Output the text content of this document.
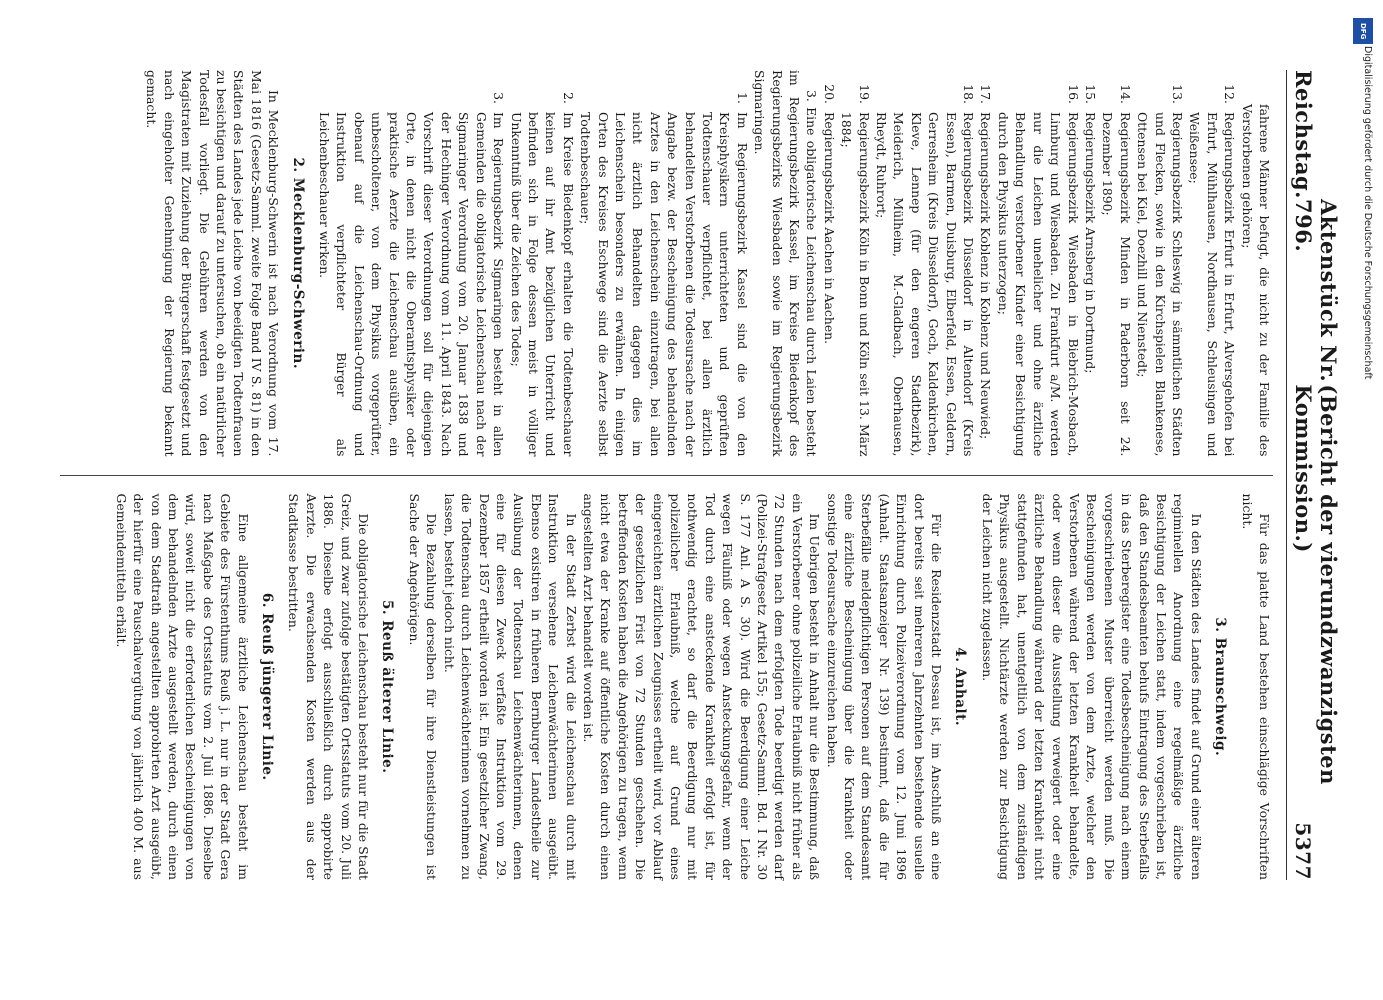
Reichstag.
Aktenstück Nr. 796.
(Bericht der vierundzwanzigsten Kommission.)
5377

fahrene Männer befugt, die nicht zu der Familie des Verstorbenen gehören;

12.
Regierungsbezirk Erfurt in Erfurt, Alversgehofen bei Erfurt, Mühlhausen, Nordhausen, Schleusingen und Weißensee;
13.
Regierungsbezirk Schleswig in sämmtlichen Städten und Flecken, sowie in den Kirchspielen Blankenese, Ottensen bei Kiel, Doezhill und Nienstedt;
14.
Regierungsbezirk Minden in Paderborn seit 24. Dezember 1890;
15.
Regierungsbezirk Arnsberg in Dortmund;
16.
Regierungsbezirk Wiesbaden in Biebrich-Mosbach, Limburg und Wiesbaden. Zu Frankfurt a/M. werden nur die Leichen unehelicher und ohne ärztliche Behandlung verstorbener Kinder einer Besichtigung durch den Physikus unterzogen;
17.
Regierungsbezirk Koblenz in Koblenz und Neuwied;
18.
Regierungsbezirk Düsseldorf in Altendorf (Kreis Essen), Barmen, Duisburg, Elberfeld, Essen, Geldern, Gerresheim (Kreis Düsseldorf), Goch, Kaldenkirchen, Kleve, Lennep (für den engeren Stadtbezirk), Meiderich, Mülheim, M.-Gladbach, Oberhausen, Rheydt, Ruhrort;
19.
Regierungsbezirk Köln in Bonn und Köln seit 13. März 1884;
20.
Regierungsbezirk Aachen in Aachen.

3. Eine obligatorische Leichenschau durch Laien besteht im Regierungsbezirk Kassel, im Kreise Biedenkopf des Regierungsbezirks Wiesbaden sowie im Regierungsbezirk Sigmaringen.

1.
Im Regierungsbezirk Kassel sind die von den Kreisphysikern unterrichteten und geprüften Todtenschauer verpflichtet, bei allen ärztlich behandelten Verstorbenen die Todesursache nach der Angabe bezw. der Bescheinigung des behandelnden Arztes in den Leichenschein einzutragen, bei allen nicht ärztlich Behandelten dagegen dies im Leichenschein besonders zu erwähnen. In einigen Orten des Kreises Eschwege sind die Aerzte selbst Todtenbeschauer;
2.
Im Kreise Biedenkopf erhalten die Todtenbeschauer keinen auf ihr Amt bezüglichen Unterricht und befinden sich in Folge dessen meist in völliger Unkenntniß über die Zeichen des Todes;
3.
Im Regierungsbezirk Sigmaringen besteht in allen Gemeinden die obligatorische Leichenschau nach der Sigmaringer Verordnung vom 20. Januar 1838 und der Hechinger Verordnung vom 11. April 1843. Nach Vorschrift dieser Verordnungen soll für diejenigen Orte, in denen nicht die Oberamtsphysiker oder praktische Aerzte die Leichenschau ausüben, ein unbescholtener, von dem Physikus vorgeprüfter, obenauf auf die Leichenschau-Ordnung und Instruktion verpflichteter Bürger als Leichenbeschauer wirken.
2. Mecklenburg-Schwerin.

In Mecklenburg-Schwerin ist nach Verordnung vom 17. Mai 1816 (Gesetz-Samml. zweite Folge Band IV S. 81) in den Städten des Landes jede Leiche von beeidigten Todtenfrauen zu besichtigen und darauf zu untersuchen, ob ein natürlicher Todesfall vorliegt. Die Gebühren werden von den Magistraten mit Zuziehung der Bürgerschaft festgesetzt und nach eingeholter Genehmigung der Regierung bekannt gemacht.

Für das platte Land bestehen einschlägige Vorschriften nicht.

3. Braunschweig.

In den Städten des Landes findet auf Grund einer älteren regiminellen Anordnung eine regelmäßige ärztliche Besichtigung der Leichen statt, indem vorgeschrieben ist, daß den Standesbeamten behufs Eintragung des Sterbefalls in das Sterberegister eine Todesbescheinigung nach einem vorgeschriebenen Muster überreicht werden muß. Die Bescheinigungen werden von dem Arzte, welcher den Verstorbenen während der letzten Krankheit behandelte, oder wenn dieser die Ausstellung verweigert oder eine ärztliche Behandlung während der letzten Krankheit nicht stattgefunden hat, unentgeltlich von dem zuständigen Physikus ausgestellt. Nichtärzte werden zur Besichtigung der Leichen nicht zugelassen.

4. Anhalt.

Für die Residenzstadt Dessau ist, im Anschluß an eine dort bereits seit mehreren Jahrzehnten bestehende usuelle Einrichtung durch Polizeiverordnung vom 12. Juni 1896 (Anhalt. Staatsanzeiger Nr. 139) bestimmt, daß die für Sterbefälle meldepflichtigen Personen auf dem Standesamt eine ärztliche Bescheinigung über die Krankheit oder sonstige Todesursache einzureichen haben.

Im Uebrigen besteht in Anhalt nur die Bestimmung, daß ein Verstorbener ohne polizeiliche Erlaubniß nicht früher als 72 Stunden nach dem erfolgten Tode beerdigt werden darf (Polizei-Strafgesetz Artikel 155; Gesetz-Samml. Bd. I Nr. 30 S. 177 Anl. A S. 30). Wird die Beerdigung einer Leiche wegen Fäulniß oder wegen Ansteckungsgefahr, wenn der Tod durch eine ansteckende Krankheit erfolgt ist, für nothwendig erachtet, so darf die Beerdigung nur mit polizeilicher Erlaubniß, welche auf Grund eines eingereichten ärztlichen Zeugnisses ertheilt wird, vor Ablauf der gesetzlichen Frist von 72 Stunden geschehen. Die betreffenden Kosten haben die Angehörigen zu tragen, wenn nicht etwa der Kranke auf öffentliche Kosten durch einen angestellten Arzt behandelt worden ist.

In der Stadt Zerbst wird die Leichenschau durch mit Instruktion versehene Leichenwächterinnen ausgeübt. Ebenso existiren in früheren Bernburger Landestheile zur Ausübung der Todtenschau Leichenwächterinnen, denen eine für diesen Zweck verfaßte Instruktion vom 29. Dezember 1857 ertheilt worden ist. Ein gesetzlicher Zwang, die Todtenschau durch Leichenwächterinnen vornehmen zu lassen, besteht jedoch nicht.

Die Bezahlung derselben für ihre Dienstleistungen ist Sache der Angehörigen.

5. Reuß älterer Linie.

Die obligatorische Leichenschau besteht nur für die Stadt Greiz, und zwar zufolge bestätigten Ortsstatuts vom 20. Juli 1886. Dieselbe erfolgt ausschließlich durch approbirte Aerzte. Die erwachsenden Kosten werden aus der Stadtkasse bestritten.

6. Reuß jüngerer Linie.

Eine allgemeine ärztliche Leichenschau besteht im Gebiete des Fürstenthums Reuß j. L. nur in der Stadt Gera nach Maßgabe des Ortsstatuts vom 2. Juli 1886. Dieselbe wird, soweit nicht die erforderlichen Bescheinigungen von dem behandelnden Arzte ausgestellt werden, durch einen von dem Stadtrath angestellten approbirten Arzt ausgeübt, der hierfür eine Pauschalvergütung von jährlich 400 M. aus Gemeindemitteln erhält.

DFG
Digitalisierung gefördert durch die Deutsche Forschungsgemeinschaft
